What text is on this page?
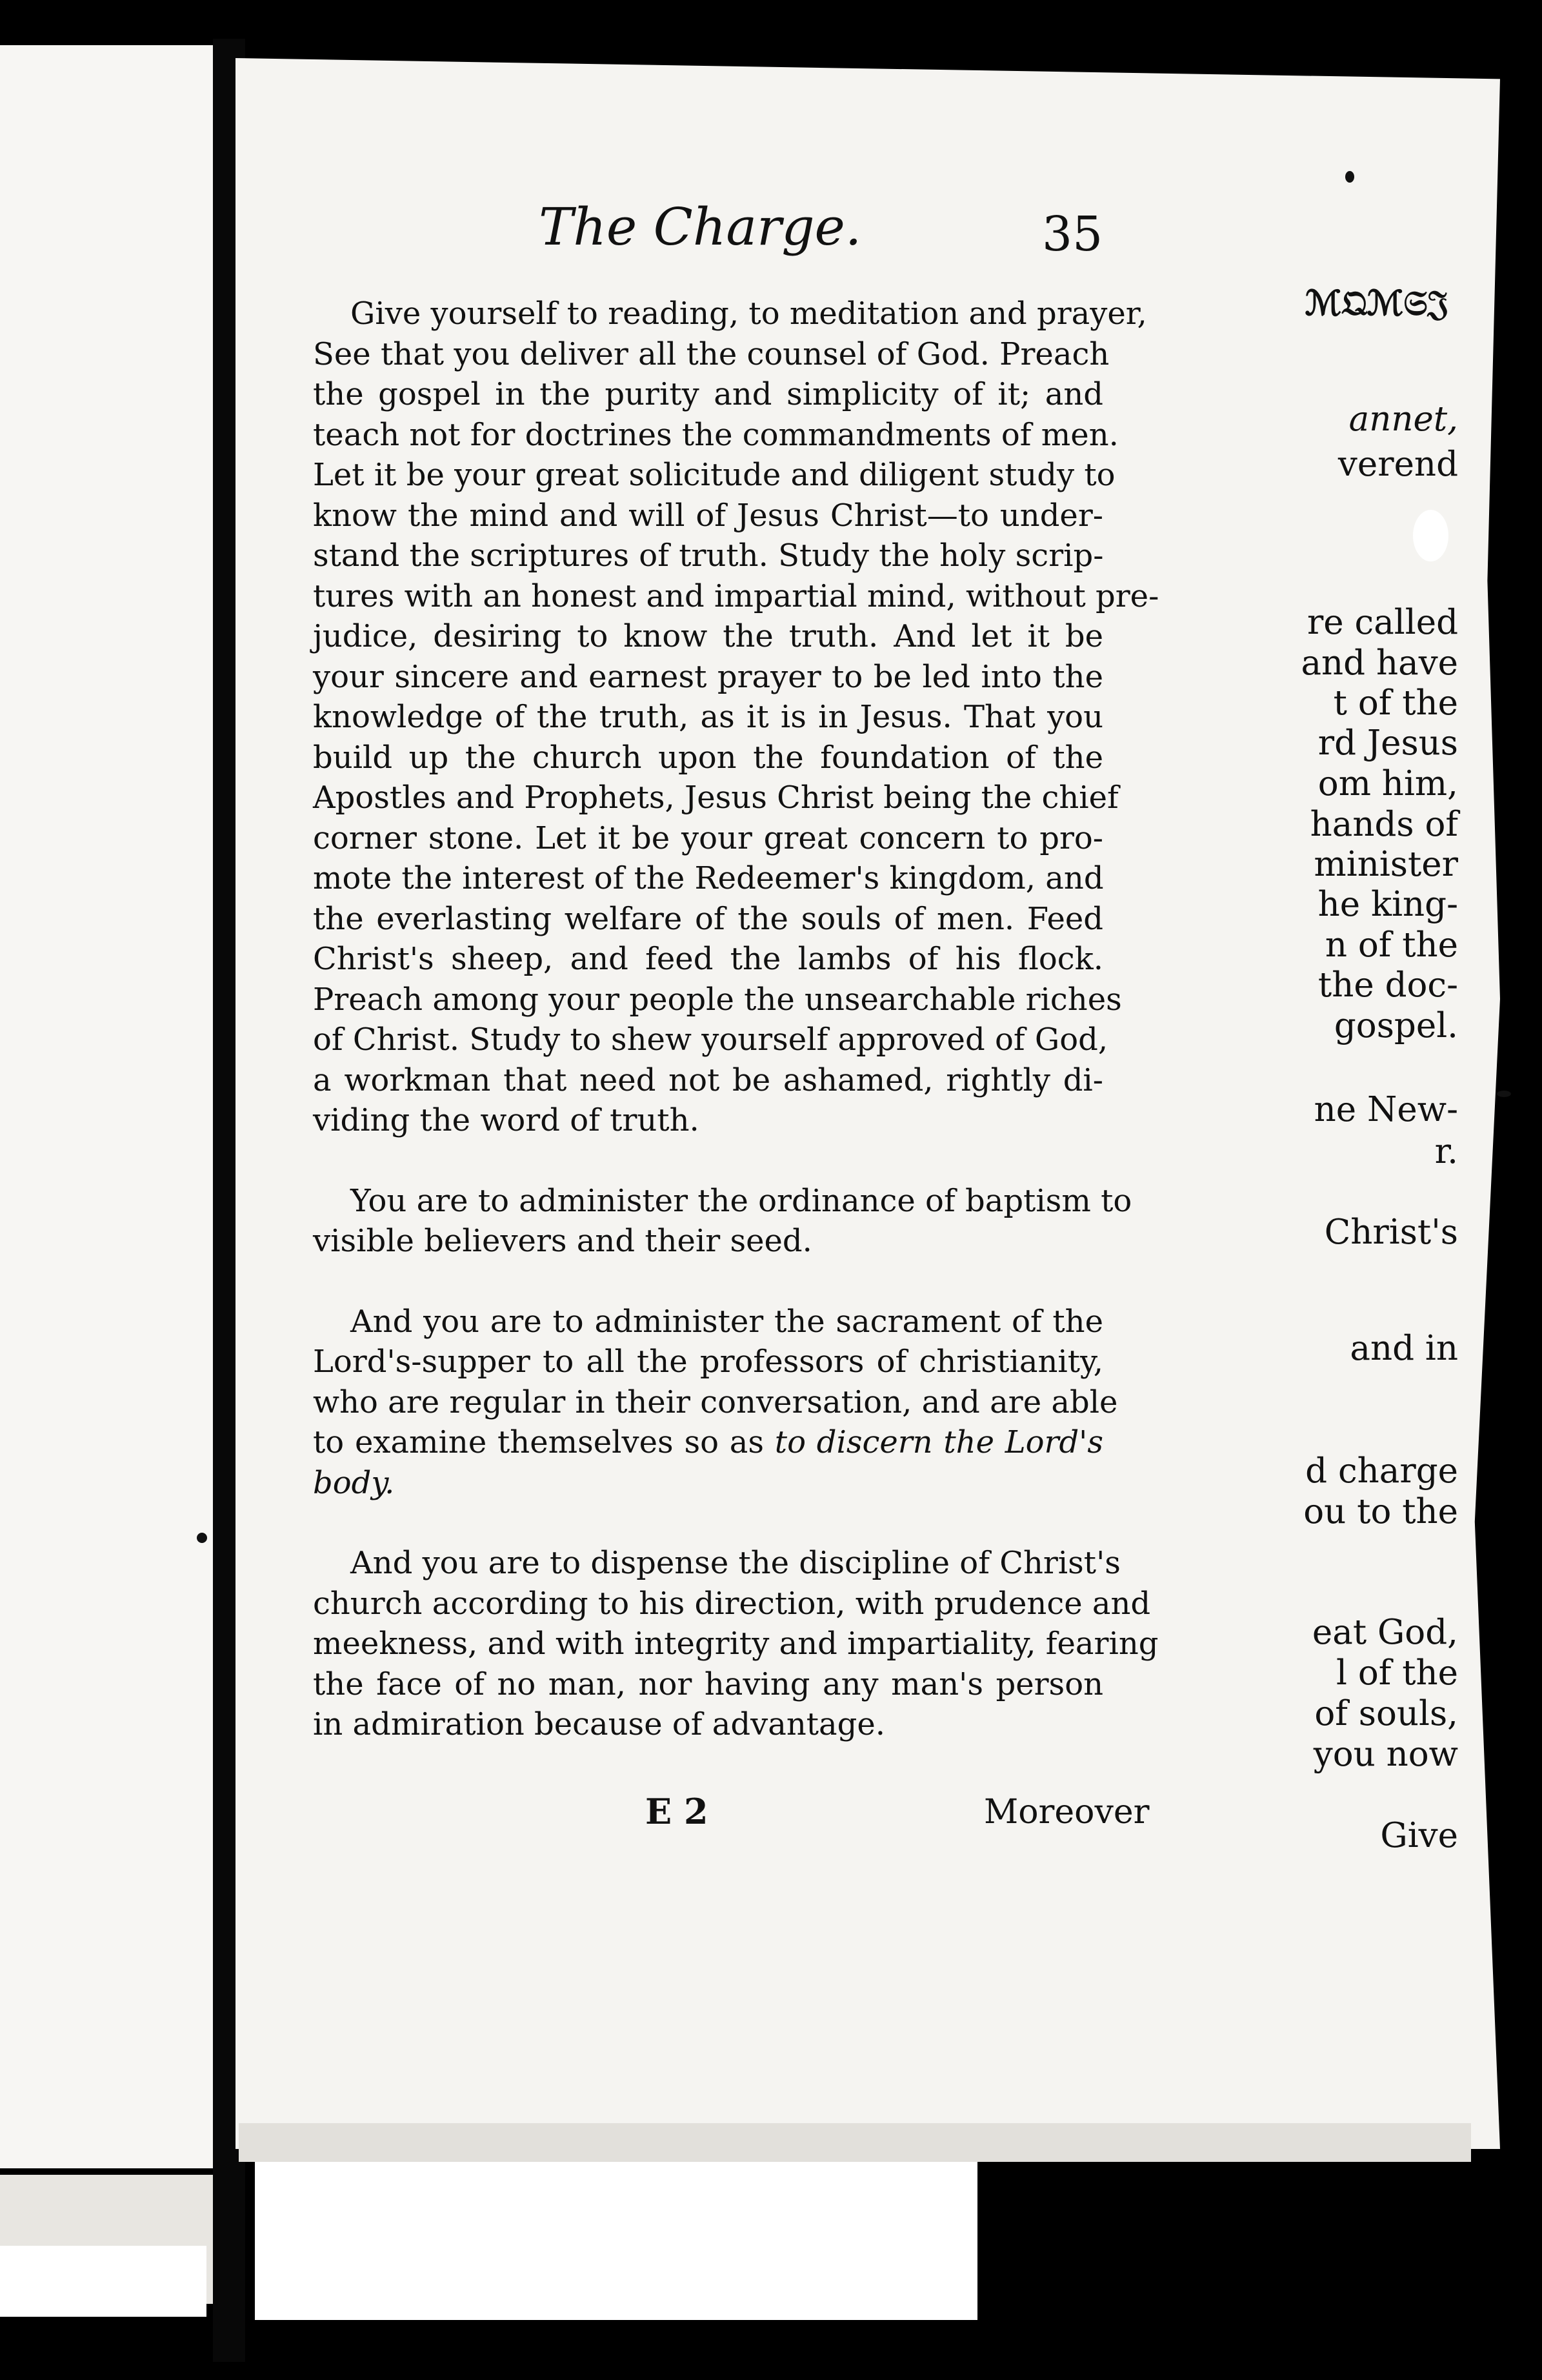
ℳ𝔔ℳ𝔖𝔍
annet,
verend
re called
and have
t of the
rd Jesus
om him,
hands of
minister
he king-
n of the
the doc-
gospel.
ne New-
r.
Christ's
and in
d charge
ou to the
eat God,
l of the
of souls,
you now
Give
The Charge.	35
Give yourself to reading, to meditation and prayer,
See that you deliver all the counsel of God. Preach
the gospel in the purity and simplicity of it; and
teach not for doctrines the commandments of men.
Let it be your great solicitude and diligent study to
know the mind and will of Jesus Christ—to under-
stand the scriptures of truth. Study the holy scrip-
tures with an honest and impartial mind, without pre-
judice, desiring to know the truth. And let it be
your sincere and earnest prayer to be led into the
knowledge of the truth, as it is in Jesus. That you
build up the church upon the foundation of the
Apostles and Prophets, Jesus Christ being the chief
corner stone. Let it be your great concern to pro-
mote the interest of the Redeemer's kingdom, and
the everlasting welfare of the souls of men. Feed
Christ's sheep, and feed the lambs of his flock.
Preach among your people the unsearchable riches
of Christ. Study to shew yourself approved of God,
a workman that need not be ashamed, rightly di-
viding the word of truth.
You are to administer the ordinance of baptism to
visible believers and their seed.
And you are to administer the sacrament of the
Lord's-supper to all the professors of christianity,
who are regular in their conversation, and are able
to examine themselves so as to discern the Lord's
body.
And you are to dispense the discipline of Christ's
church according to his direction, with prudence and
meekness, and with integrity and impartiality, fearing
the face of no man, nor having any man's person
in admiration because of advantage.
E 2	Moreover
